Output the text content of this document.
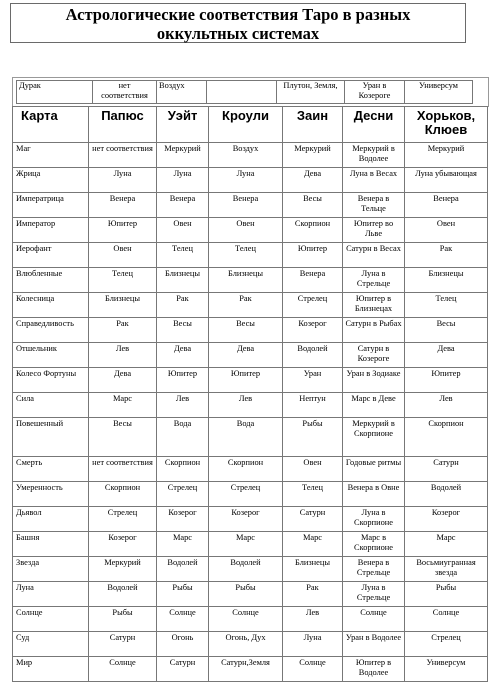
Астрологические соответствия Таро в разных
оккультных системах
Дурак	нет соответствия	Воздух		Плутон, Земля,	Уран в Козероге	Универсум
Карта	Папюс	Уэйт	Кроули	Заин	Десни	Хорьков, Клюев
Маг	нет соответствия	Меркурий	Воздух	Меркурий	Меркурий в Водолее	Меркурий
Жрица	Луна	Луна	Луна	Дева	Луна в Весах	Луна убывающая
Императрица	Венера	Венера	Венера	Весы	Венера в Тельце	Венера
Император	Юпитер	Овен	Овен	Скорпион	Юпитер во Льве	Овен
Иерофант	Овен	Телец	Телец	Юпитер	Сатурн в Весах	Рак
Влюбленные	Телец	Близнецы	Близнецы	Венера	Луна в Стрельце	Близнецы
Колесница	Близнецы	Рак	Рак	Стрелец	Юпитер в Близнецах	Телец
Справедливость	Рак	Весы	Весы	Козерог	Сатурн в Рыбах	Весы
Отшельник	Лев	Дева	Дева	Водолей	Сатурн в Козероге	Дева
Колесо Фортуны	Дева	Юпитер	Юпитер	Уран	Уран в Зодиаке	Юпитер
Сила	Марс	Лев	Лев	Нептун	Марс в Деве	Лев
Повешенный	Весы	Вода	Вода	Рыбы	Меркурий в Скорпионе	Скорпион
Смерть	нет соответствия	Скорпион	Скорпион	Овен	Годовые ритмы	Сатурн
Умеренность	Скорпион	Стрелец	Стрелец	Телец	Венера в Овне	Водолей
Дьявол	Стрелец	Козерог	Козерог	Сатурн	Луна в Скорпионе	Козерог
Башня	Козерог	Марс	Марс	Марс	Марс в Скорпионе	Марс
Звезда	Меркурий	Водолей	Водолей	Близнецы	Венера в Стрельце	Восьмиугранная звезда
Луна	Водолей	Рыбы	Рыбы	Рак	Луна в Стрельце	Рыбы
Солнце	Рыбы	Солнце	Солнце	Лев	Солнце	Солнце
Суд	Сатурн	Огонь	Огонь, Дух	Луна	Уран в Водолее	Стрелец
Мир	Солнце	Сатурн	Сатурн,Земля	Солнце	Юпитер в Водолее	Универсум
